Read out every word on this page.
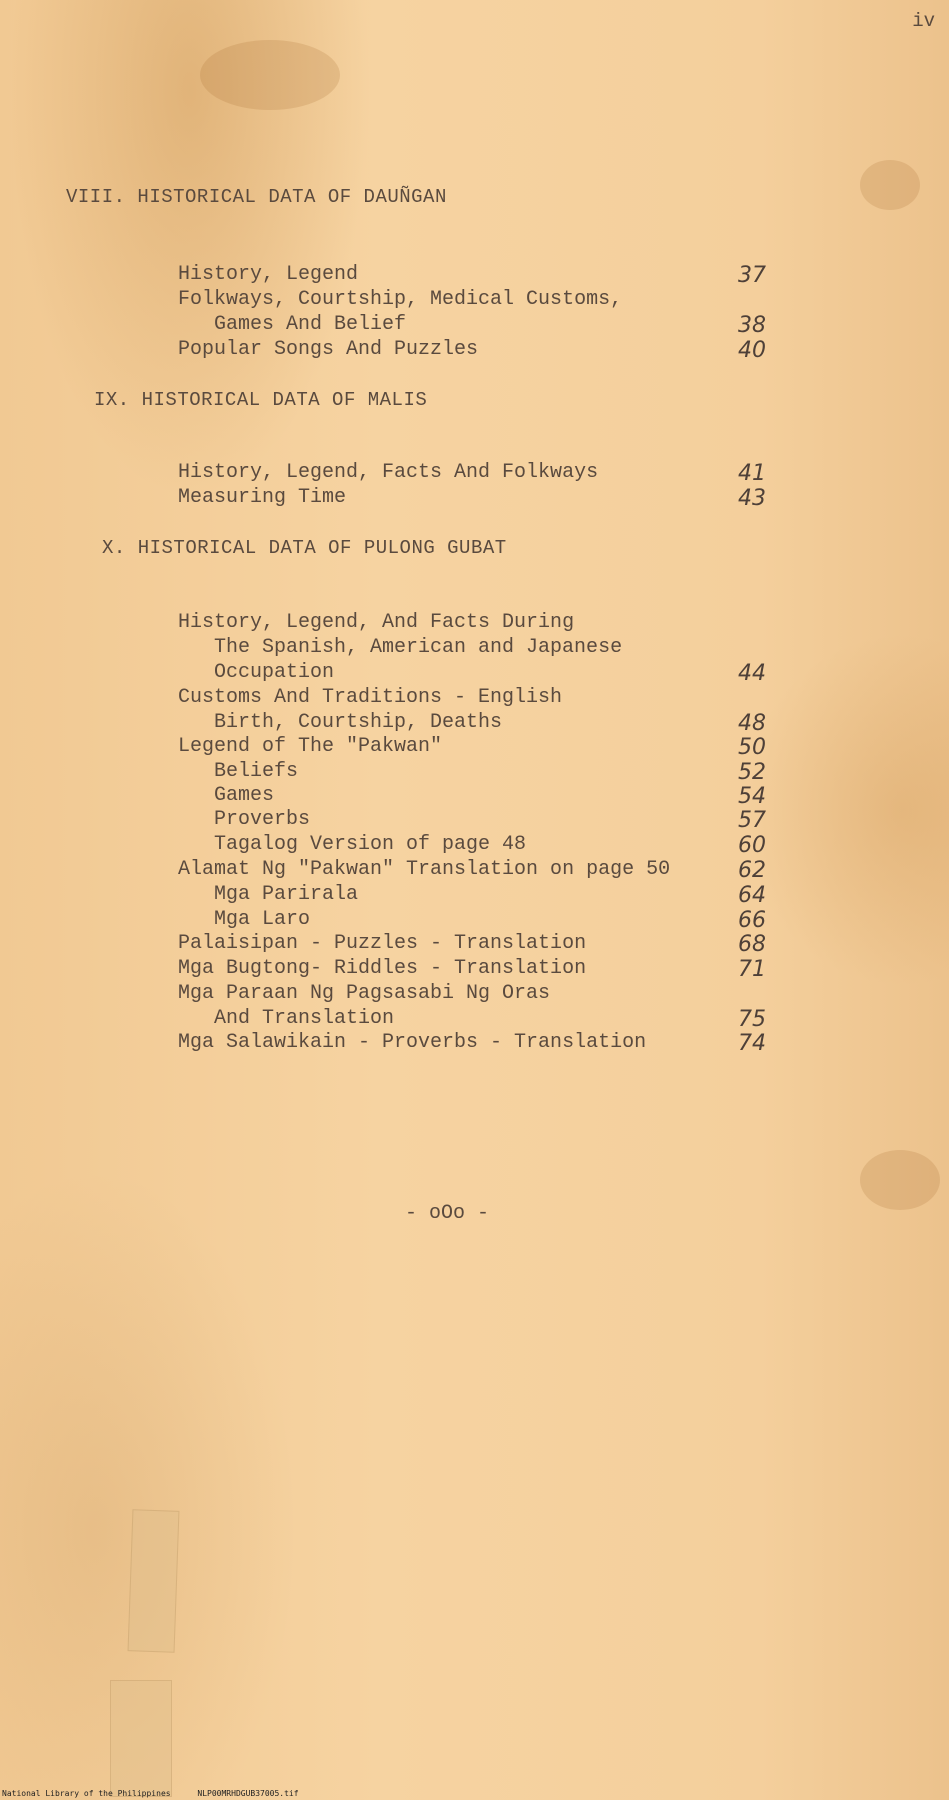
iv
VIII. HISTORICAL DATA OF DAUÑGAN
History, Legend	37
Folkways, Courtship, Medical Customs,
Games And Belief	38
Popular Songs And Puzzles	40
IX. HISTORICAL DATA OF MALIS
History, Legend, Facts And Folkways	41
Measuring Time	43
X. HISTORICAL DATA OF PULONG GUBAT
History, Legend, And Facts During
The Spanish, American and Japanese
Occupation	44
Customs And Traditions - English
Birth, Courtship, Deaths	48
Legend of The "Pakwan"	50
Beliefs	52
Games	54
Proverbs	57
Tagalog Version of page 48	60
Alamat Ng "Pakwan" Translation on page 50	62
Mga Parirala	64
Mga Laro	66
Palaisipan - Puzzles - Translation	68
Mga Bugtong- Riddles - Translation	71
Mga Paraan Ng Pagsasabi Ng Oras
And Translation	75
Mga Salawikain - Proverbs - Translation	74
- oOo -
National Library of the Philippines	NLP00MRHDGUB37005.tif
